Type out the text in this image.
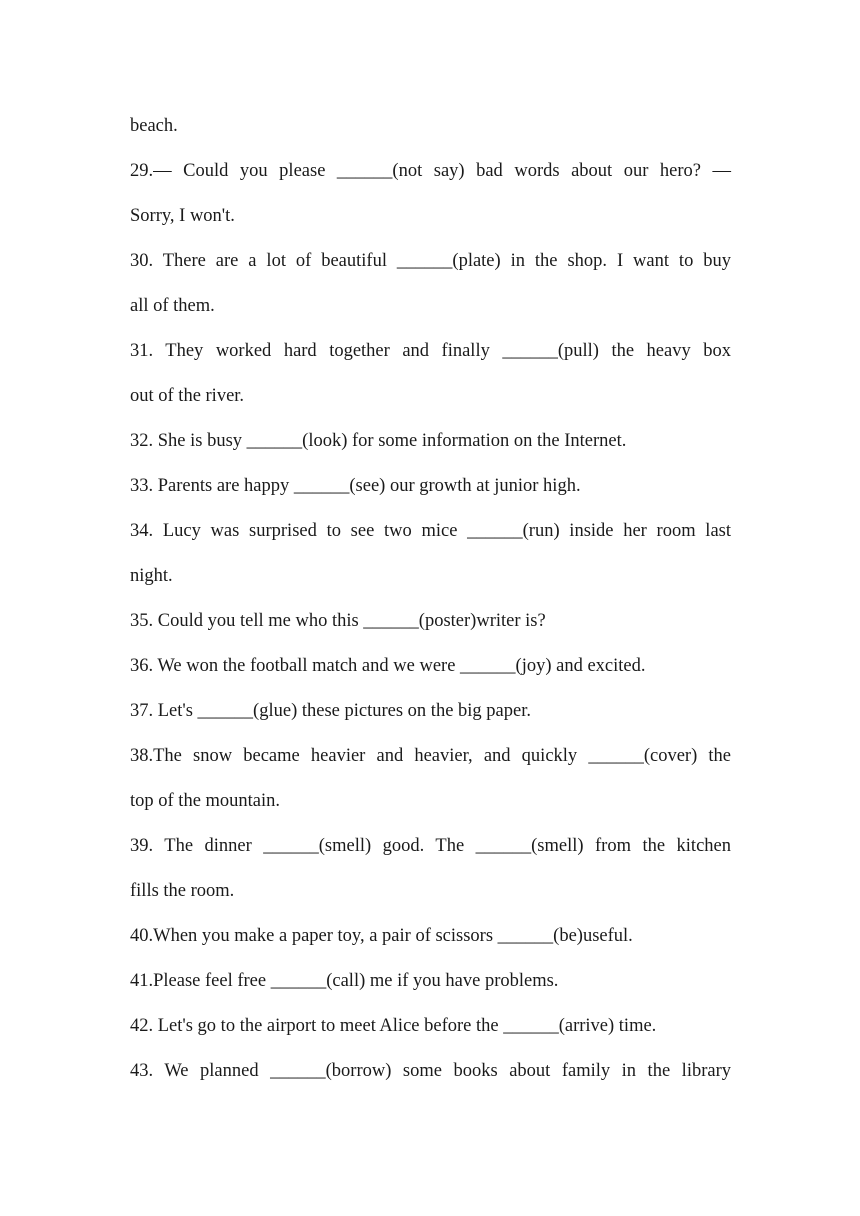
beach.
29.— Could you please ______(not say) bad words about our hero? —
Sorry, I won't.
30. There are a lot of beautiful ______(plate) in the shop. I want to buy
all of them.
31. They worked hard together and finally ______(pull) the heavy box
out of the river.
32. She is busy ______(look) for some information on the Internet.
33. Parents are happy ______(see) our growth at junior high.
34. Lucy was surprised to see two mice ______(run) inside her room last
night.
35. Could you tell me who this ______(poster)writer is?
36. We won the football match and we were ______(joy) and excited.
37. Let's ______(glue) these pictures on the big paper.
38.The snow became heavier and heavier, and quickly ______(cover) the
top of the mountain.
39. The dinner ______(smell) good. The ______(smell) from the kitchen
fills the room.
40.When you make a paper toy, a pair of scissors ______(be)useful.
41.Please feel free ______(call) me if you have problems.
42. Let's go to the airport to meet Alice before the ______(arrive) time.
43. We planned ______(borrow) some books about family in the library
